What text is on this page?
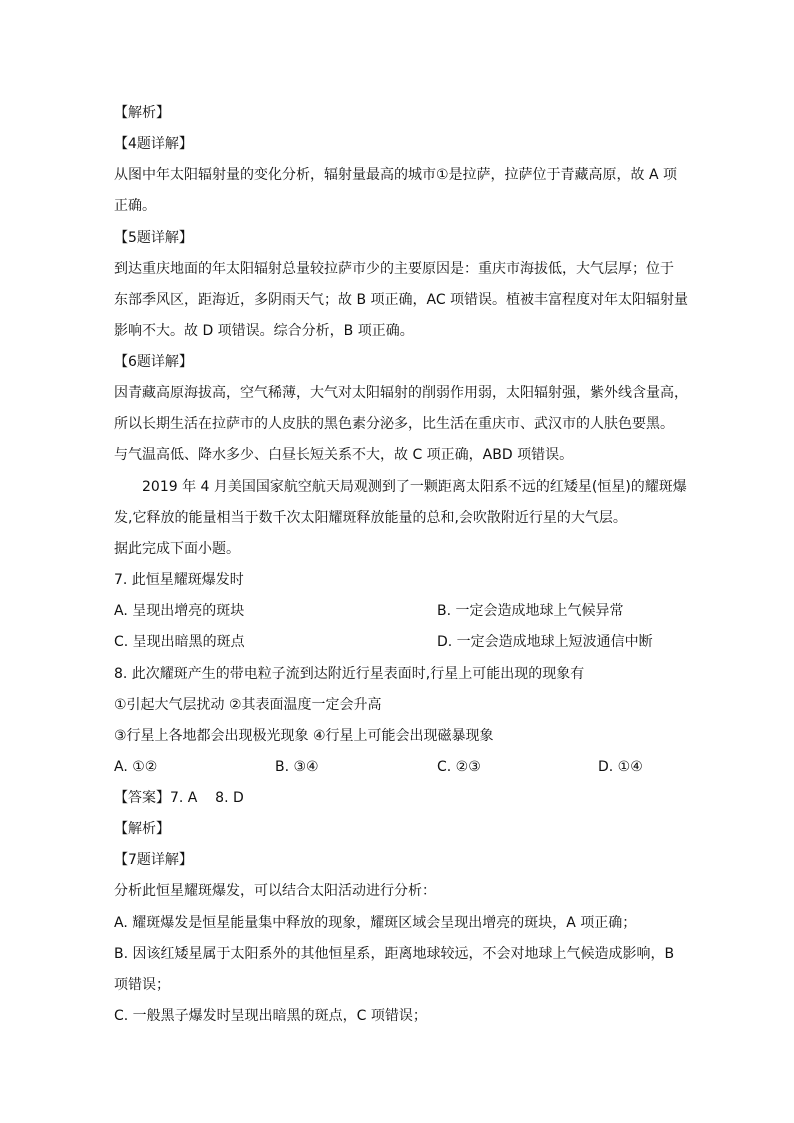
【解析】
【4题详解】
从图中年太阳辐射量的变化分析，辐射量最高的城市①是拉萨，拉萨位于青藏高原，故 A 项
正确。
【5题详解】
到达重庆地面的年太阳辐射总量较拉萨市少的主要原因是：重庆市海拔低，大气层厚；位于
东部季风区，距海近，多阴雨天气；故 B 项正确，AC 项错误。植被丰富程度对年太阳辐射量
影响不大。故 D 项错误。综合分析，B 项正确。
【6题详解】
因青藏高原海拔高，空气稀薄，大气对太阳辐射的削弱作用弱，太阳辐射强，紫外线含量高，
所以长期生活在拉萨市的人皮肤的黑色素分泌多，比生活在重庆市、武汉市的人肤色要黑。
与气温高低、降水多少、白昼长短关系不大，故 C 项正确，ABD 项错误。
2019 年 4 月美国国家航空航天局观测到了一颗距离太阳系不远的红矮星(恒星)的耀斑爆
发,它释放的能量相当于数千次太阳耀斑释放能量的总和,会吹散附近行星的大气层。
据此完成下面小题。
7. 此恒星耀斑爆发时
A. 呈现出增亮的斑块	B. 一定会造成地球上气候异常
C. 呈现出暗黑的斑点	D. 一定会造成地球上短波通信中断
8. 此次耀斑产生的带电粒子流到达附近行星表面时,行星上可能出现的现象有
①引起大气层扰动 ②其表面温度一定会升高
③行星上各地都会出现极光现象 ④行星上可能会出现磁暴现象
A. ①②	B. ③④	C. ②③	D. ①④
【答案】7. A    8. D
【解析】
【7题详解】
分析此恒星耀斑爆发，可以结合太阳活动进行分析：
A. 耀斑爆发是恒星能量集中释放的现象，耀斑区域会呈现出增亮的斑块，A 项正确；
B. 因该红矮星属于太阳系外的其他恒星系，距离地球较远，不会对地球上气候造成影响，B
项错误；
C. 一般黑子爆发时呈现出暗黑的斑点，C 项错误；
